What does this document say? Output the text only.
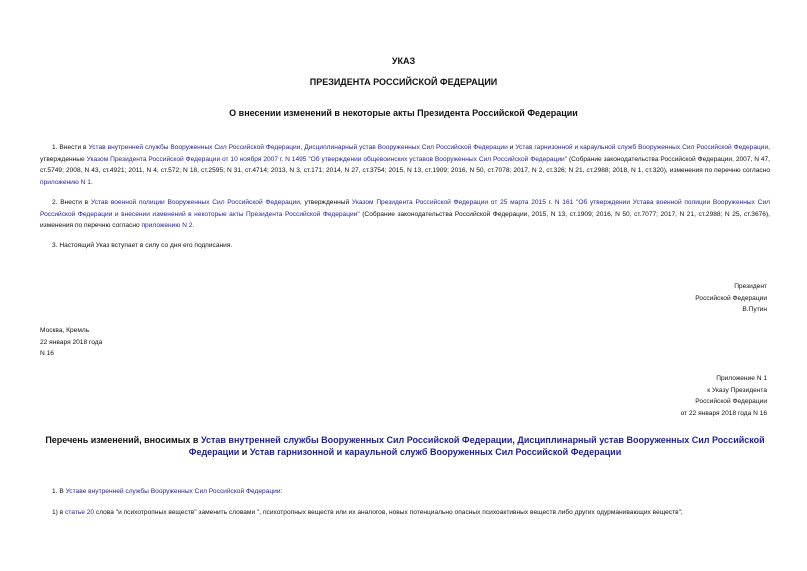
УКАЗ
ПРЕЗИДЕНТА РОССИЙСКОЙ ФЕДЕРАЦИИ
О внесении изменений в некоторые акты Президента Российской Федерации
1. Внести в Устав внутренней службы Вооруженных Сил Российской Федерации, Дисциплинарный устав Вооруженных Сил Российской Федерации и Устав гарнизонной и караульной служб Вооруженных Сил Российской Федерации, утвержденные Указом Президента Российской Федерации от 10 ноября 2007 г. N 1495 "Об утверждении общевоинских уставов Вооруженных Сил Российской Федерации" (Собрание законодательства Российской Федерации, 2007, N 47, ст.5749; 2008, N 43, ст.4921; 2011, N 4, ст.572; N 18, ст.2595; N 31, ст.4714; 2013, N 3, ст.171; 2014, N 27, ст.3754; 2015, N 13, ст.1909; 2016, N 50, ст.7078; 2017, N 2, ст.326; N 21, ст.2988; 2018, N 1, ст.320), изменения по перечню согласно приложению N 1.
2. Внести в Устав военной полиции Вооруженных Сил Российской Федерации, утвержденный Указом Президента Российской Федерации от 25 марта 2015 г. N 161 "Об утверждении Устава военной полиции Вооруженных Сил Российской Федерации и внесении изменений в некоторые акты Президента Российской Федерации" (Собрание законодательства Российской Федерации, 2015, N 13, ст.1909; 2016, N 50, ст.7077; 2017, N 21, ст.2988; N 25, ст.3676), изменения по перечню согласно приложению N 2.
3. Настоящий Указ вступает в силу со дня его подписания.
Президент
Российской Федерации
В.Путин
Москва, Кремль
22 января 2018 года
N 16
Приложение N 1
к Указу Президента
Российской Федерации
от 22 января 2018 года N 16
Перечень изменений, вносимых в Устав внутренней службы Вооруженных Сил Российской Федерации, Дисциплинарный устав Вооруженных Сил Российской Федерации и Устав гарнизонной и караульной служб Вооруженных Сил Российской Федерации
1. В Уставе внутренней службы Вооруженных Сил Российской Федерации:
1) в статье 20 слова "и психотропных веществ" заменить словами ", психотропных веществ или их аналогов, новых потенциально опасных психоактивных веществ либо других одурманивающих веществ";
